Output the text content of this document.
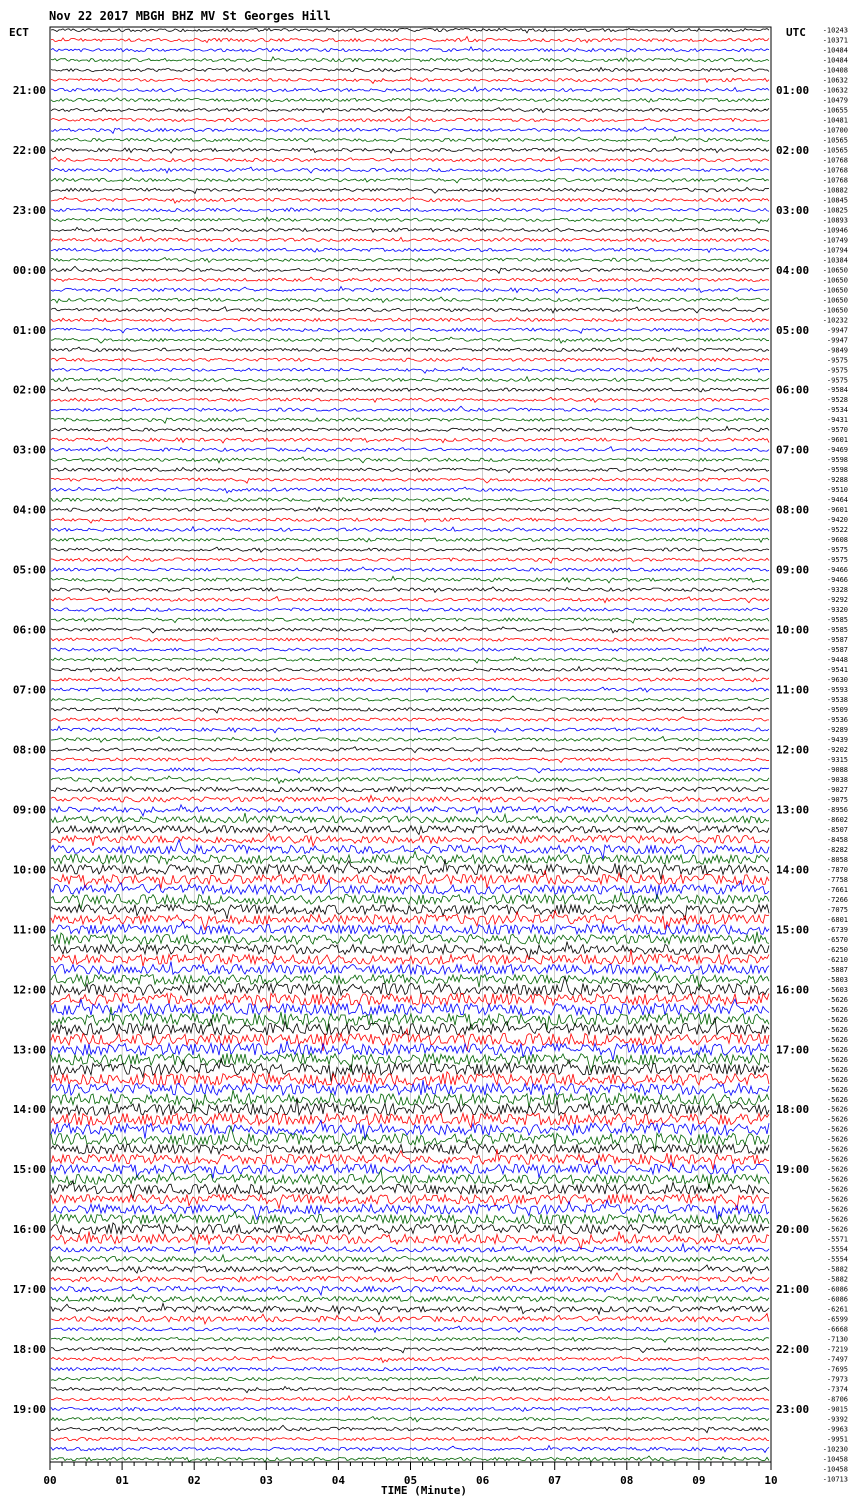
Nov 22 2017 MBGH BHZ MV St Georges Hill
ECT	UTC
TIME (Minute)
00	01	02	03	04	05	06	07	08	09	10
21:00
22:00
23:00
00:00
01:00
02:00
03:00
04:00
05:00
06:00
07:00
08:00
09:00
10:00
11:00
12:00
13:00
14:00
15:00
16:00
17:00
18:00
19:00
01:00
02:00
03:00
04:00
05:00
06:00
07:00
08:00
09:00
10:00
11:00
12:00
13:00
14:00
15:00
16:00
17:00
18:00
19:00
20:00
21:00
22:00
23:00
-10243
-10371
-10484
-10484
-10408
-10632
-10632
-10479
-10655
-10481
-10700
-10565
-10565
-10768
-10768
-10768
-10882
-10845
-10825
-10893
-10946
-10749
-10794
-10384
-10650
-10650
-10650
-10650
-10650
-10232
-9947
-9947
-9849
-9575
-9575
-9575
-9584
-9528
-9534
-9431
-9570
-9601
-9469
-9598
-9598
-9288
-9510
-9464
-9601
-9420
-9522
-9608
-9575
-9575
-9466
-9466
-9328
-9292
-9320
-9585
-9585
-9587
-9587
-9448
-9541
-9630
-9593
-9538
-9509
-9536
-9289
-9439
-9202
-9315
-9088
-9038
-9027
-9075
-8956
-8602
-8507
-8458
-8282
-8058
-7870
-7758
-7661
-7266
-7075
-6801
-6739
-6570
-6250
-6210
-5887
-5803
-5603
-5626
-5626
-5626
-5626
-5626
-5626
-5626
-5626
-5626
-5626
-5626
-5626
-5626
-5626
-5626
-5626
-5626
-5626
-5626
-5626
-5626
-5626
-5626
-5626
-5571
-5554
-5554
-5882
-5882
-6086
-6086
-6261
-6599
-6668
-7130
-7219
-7497
-7695
-7973
-7374
-8706
-9015
-9392
-9963
-9951
-10230
-10458
-10458
-10713
